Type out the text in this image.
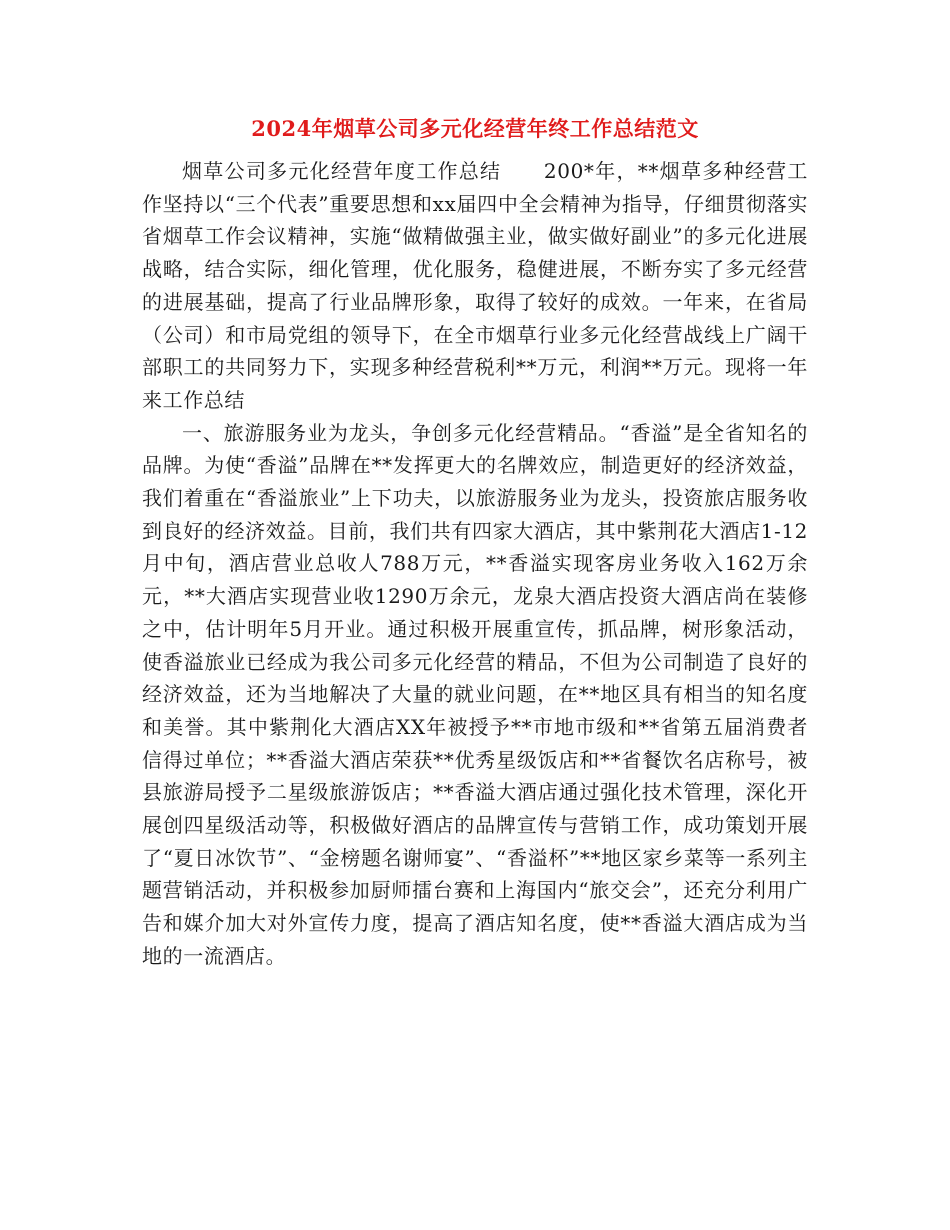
2024年烟草公司多元化经营年终工作总结范文

烟草公司多元化经营年度工作总结　　200*年，**烟草多种经营工作坚持以“三个代表”重要思想和xx届四中全会精神为指导，仔细贯彻落实省烟草工作会议精神，实施“做精做强主业，做实做好副业”的多元化进展战略，结合实际，细化管理，优化服务，稳健进展，不断夯实了多元经营的进展基础，提高了行业品牌形象，取得了较好的成效。一年来，在省局（公司）和市局党组的领导下，在全市烟草行业多元化经营战线上广阔干部职工的共同努力下，实现多种经营税利**万元，利润**万元。现将一年来工作总结

一、旅游服务业为龙头，争创多元化经营精品。“香溢”是全省知名的品牌。为使“香溢”品牌在**发挥更大的名牌效应，制造更好的经济效益，我们着重在“香溢旅业”上下功夫，以旅游服务业为龙头，投资旅店服务收到良好的经济效益。目前，我们共有四家大酒店，其中紫荆花大酒店1-12月中旬，酒店营业总收人788万元，**香溢实现客房业务收入162万余元，**大酒店实现营业收1290万余元，龙泉大酒店投资大酒店尚在装修之中，估计明年5月开业。通过积极开展重宣传，抓品牌，树形象活动，使香溢旅业已经成为我公司多元化经营的精品，不但为公司制造了良好的经济效益，还为当地解决了大量的就业问题，在**地区具有相当的知名度和美誉。其中紫荆化大酒店XX年被授予**市地市级和**省第五届消费者信得过单位；**香溢大酒店荣获**优秀星级饭店和**省餐饮名店称号，被县旅游局授予二星级旅游饭店；**香溢大酒店通过强化技术管理，深化开展创四星级活动等，积极做好酒店的品牌宣传与营销工作，成功策划开展了“夏日冰饮节”、“金榜题名谢师宴”、“香溢杯”**地区家乡菜等一系列主题营销活动，并积极参加厨师擂台赛和上海国内“旅交会”，还充分利用广告和媒介加大对外宣传力度，提高了酒店知名度，使**香溢大酒店成为当地的一流酒店。
